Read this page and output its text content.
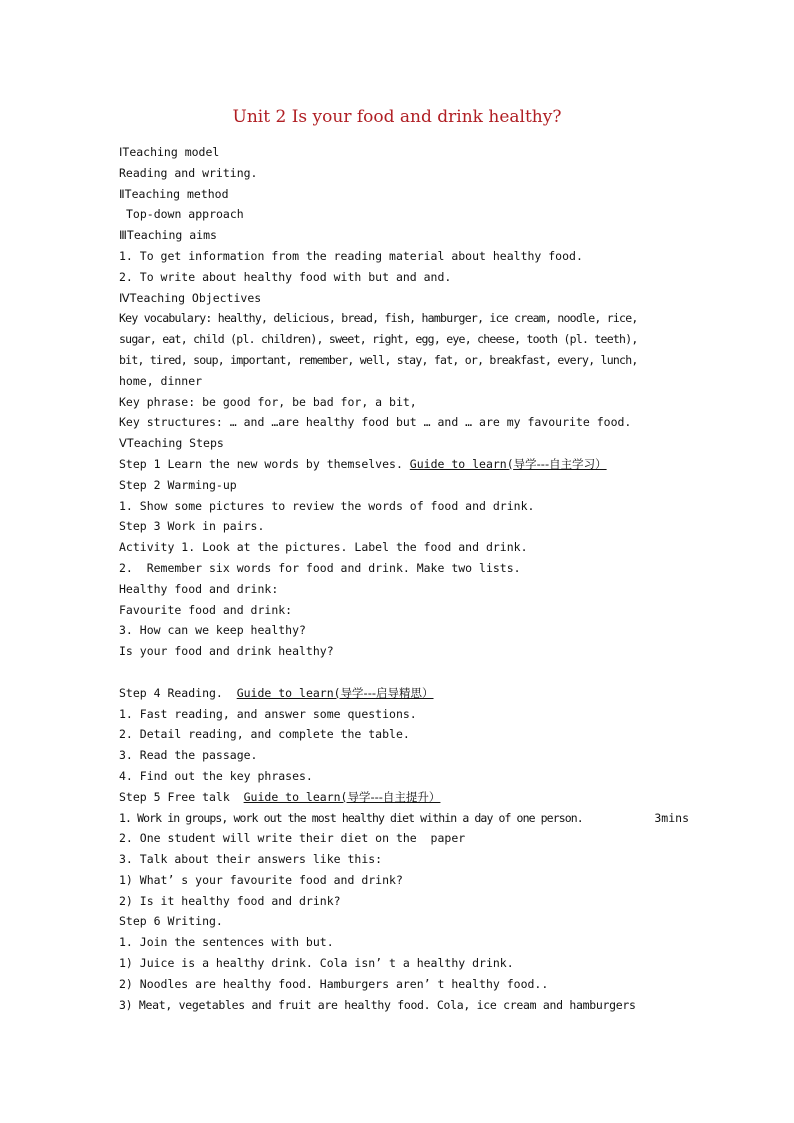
Unit 2 Is your food and drink healthy?
ⅠTeaching model
Reading and writing.
ⅡTeaching method
Top-down approach
ⅢTeaching aims
1. To get information from the reading material about healthy food.
2. To write about healthy food with but and and.
ⅣTeaching Objectives
Key vocabulary: healthy, delicious, bread, fish, hamburger, ice cream, noodle, rice,
sugar, eat, child (pl. children), sweet, right, egg, eye, cheese, tooth (pl. teeth),
bit, tired, soup, important, remember, well, stay, fat, or, breakfast, every, lunch,
home, dinner
Key phrase: be good for, be bad for, a bit,
Key structures: … and …are healthy food but … and … are my favourite food.
ⅤTeaching Steps
Step 1 Learn the new words by themselves. Guide to learn(导学---自主学习）
Step 2 Warming-up
1. Show some pictures to review the words of food and drink.
Step 3 Work in pairs.
Activity 1. Look at the pictures. Label the food and drink.
2.  Remember six words for food and drink. Make two lists.
Healthy food and drink:
Favourite food and drink:
3. How can we keep healthy?
Is your food and drink healthy?
Step 4 Reading.  Guide to learn(导学---启导精思）
1. Fast reading, and answer some questions.
2. Detail reading, and complete the table.
3. Read the passage.
4. Find out the key phrases.
Step 5 Free talk  Guide to learn(导学---自主提升）
1. Work in groups, work out the most healthy diet within a day of one person.	3mins
2. One student will write their diet on the  paper
3. Talk about their answers like this:
1) What’ s your favourite food and drink?
2) Is it healthy food and drink?
Step 6 Writing.
1. Join the sentences with but.
1) Juice is a healthy drink. Cola isn’ t a healthy drink.
2) Noodles are healthy food. Hamburgers aren’ t healthy food..
3) Meat, vegetables and fruit are healthy food. Cola, ice cream and hamburgers
